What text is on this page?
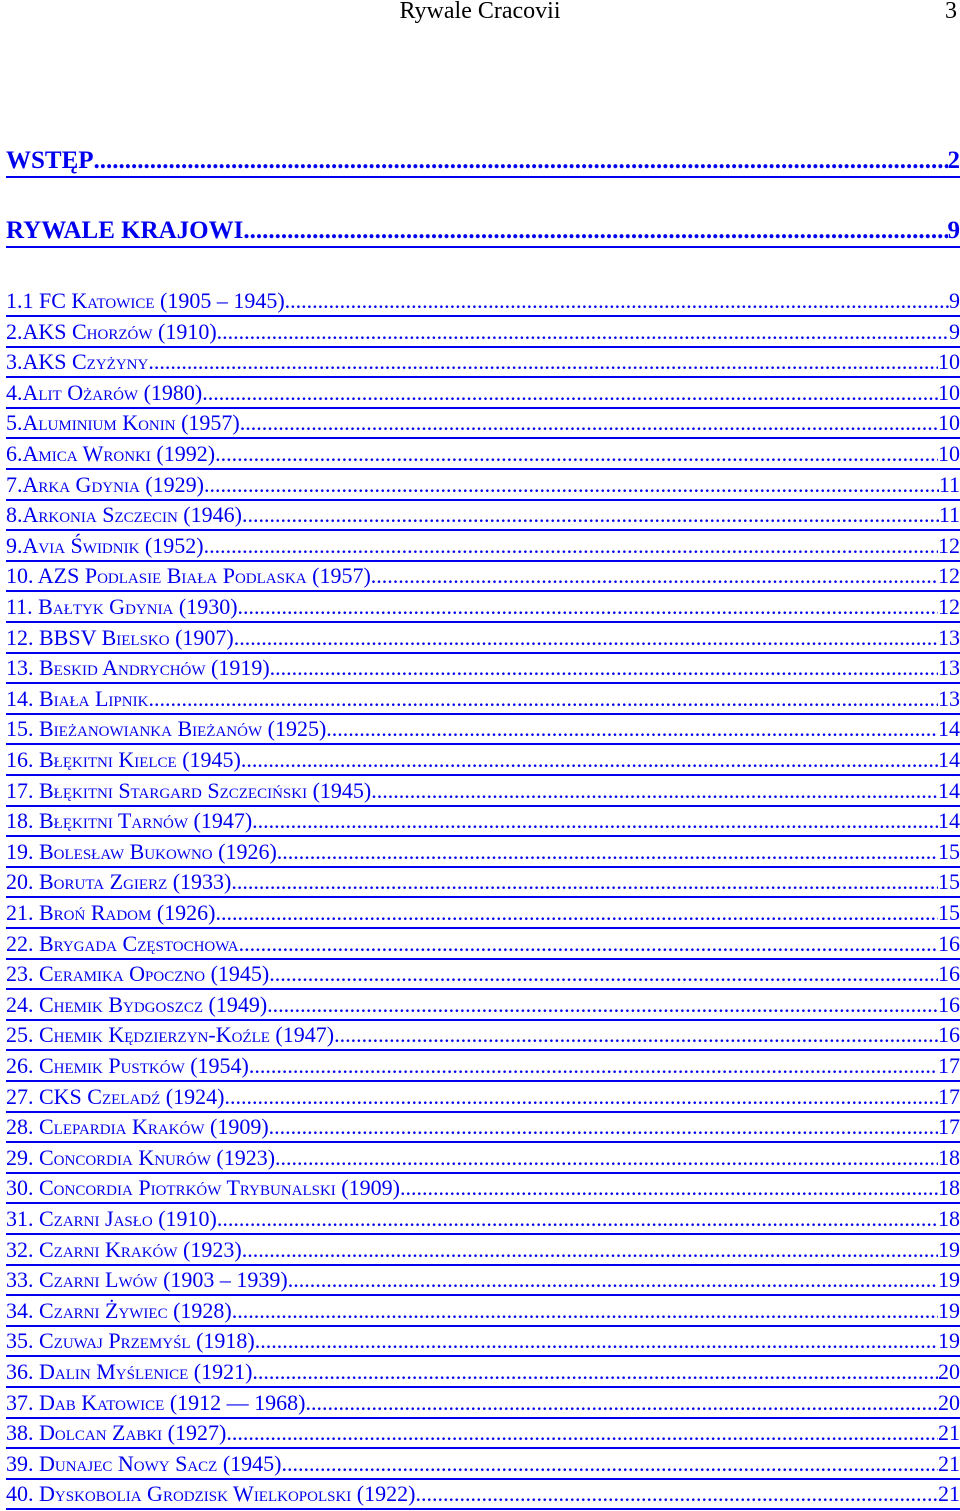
Rywale Cracovii	3
WSTĘP .....	2
RYWALE KRAJOWI .....	9
1.1 FC Katowice (1905 – 1945) .....	9
2.AKS Chorzów (1910) .....	9
3.AKS Czyżyny .....	10
4.Alit Ożarów (1980) .....	10
5.Aluminium Konin (1957) .....	10
6.Amica Wronki (1992) .....	10
7.Arka Gdynia (1929) .....	11
8.Arkonia Szczecin (1946) .....	11
9.Avia Świdnik (1952) .....	12
10. AZS Podlasie Biała Podlaska (1957) .....	12
11. Bałtyk Gdynia (1930) .....	12
12. BBSV Bielsko (1907) .....	13
13. Beskid Andrychów (1919) .....	13
14. Biała Lipnik .....	13
15. Bieżanowianka Bieżanów (1925) .....	14
16. Błękitni Kielce (1945) .....	14
17. Błękitni Stargard Szczeciński (1945) .....	14
18. Błękitni Tarnów (1947) .....	14
19. Bolesław Bukowno (1926) .....	15
20. Boruta Zgierz (1933) .....	15
21. Broń Radom (1926) .....	15
22. Brygada Częstochowa .....	16
23. Ceramika Opoczno (1945) .....	16
24. Chemik Bydgoszcz (1949) .....	16
25. Chemik Kędzierzyn-Koźle (1947) .....	16
26. Chemik Pustków (1954) .....	17
27. CKS Czeladź (1924) .....	17
28. Clepardia Kraków (1909) .....	17
29. Concordia Knurów (1923) .....	18
30. Concordia Piotrków Trybunalski (1909) .....	18
31. Czarni Jasło (1910) .....	18
32. Czarni Kraków (1923) .....	19
33. Czarni Lwów (1903 – 1939) .....	19
34. Czarni Żywiec (1928) .....	19
35. Czuwaj Przemyśl (1918) .....	19
36. Dalin Myślenice (1921) .....	20
37. Dab Katowice (1912 — 1968) .....	20
38. Dolcan Zabki (1927) .....	21
39. Dunajec Nowy Sacz (1945) .....	21
40. Dyskobolia Grodzisk Wielkopolski (1922) .....	21
